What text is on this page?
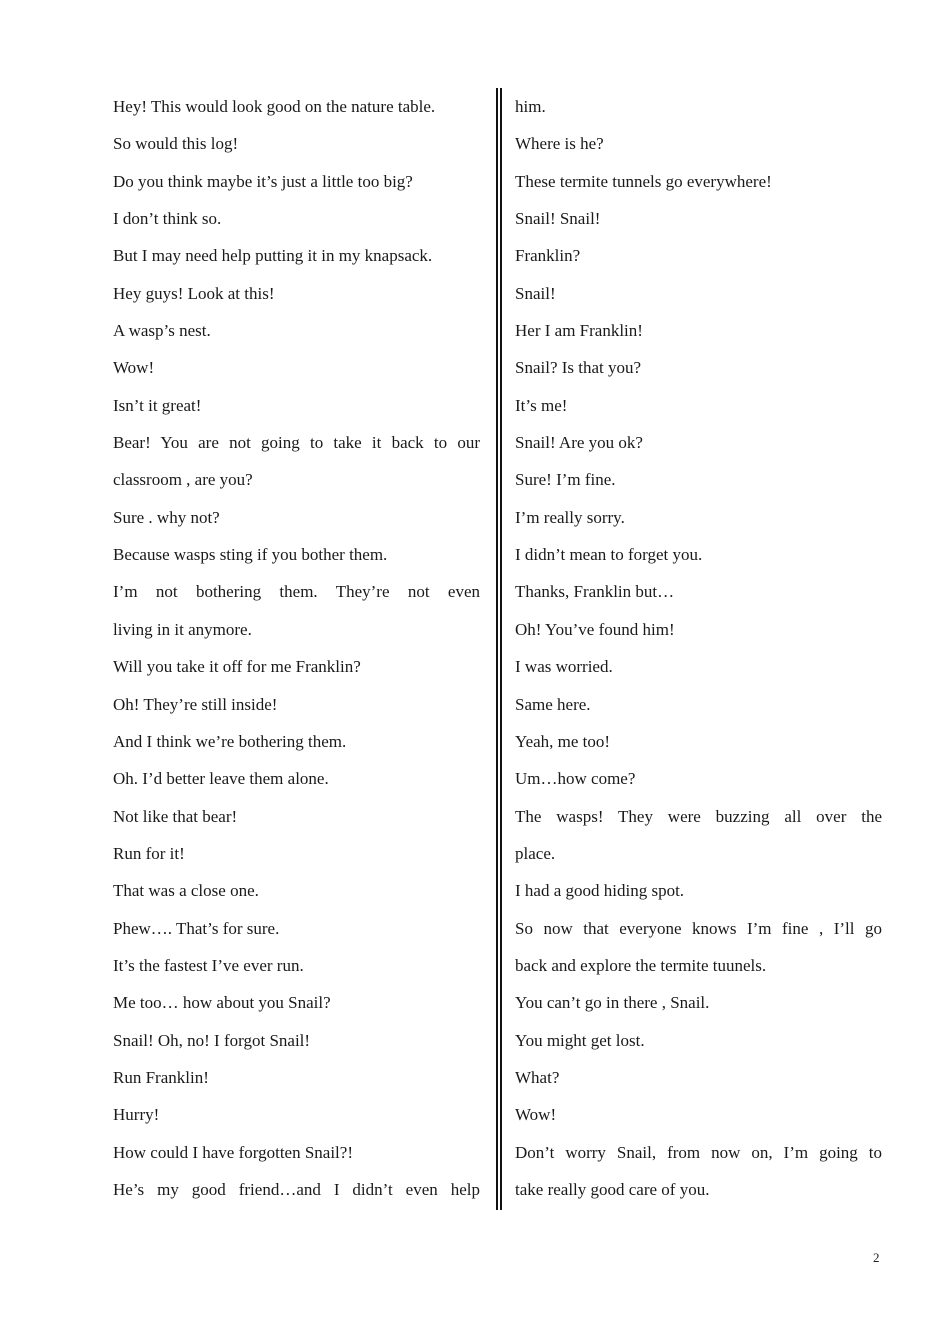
Hey! This would look good on the nature table.
So would this log!
Do you think maybe it’s just a little too big?
I don’t think so.
But I may need help putting it in my knapsack.
Hey guys! Look at this!
A wasp’s nest.
Wow!
Isn’t it great!
Bear! You are not going to take it back to our
classroom , are you?
Sure . why not?
Because wasps sting if you bother them.
I’m not bothering them. They’re not even
living in it anymore.
Will you take it off for me Franklin?
Oh! They’re still inside!
And I think we’re bothering them.
Oh. I’d better leave them alone.
Not like that bear!
Run for it!
That was a close one.
Phew…. That’s for sure.
It’s the fastest I’ve ever run.
Me too… how about you Snail?
Snail! Oh, no! I forgot Snail!
Run Franklin!
Hurry!
How could I have forgotten Snail?!
He’s my good friend…and I didn’t even help
him.
Where is he?
These termite tunnels go everywhere!
Snail! Snail!
Franklin?
Snail!
Her I am Franklin!
Snail? Is that you?
It’s me!
Snail! Are you ok?
Sure! I’m fine.
I’m really sorry.
I didn’t mean to forget you.
Thanks, Franklin but…
Oh! You’ve found him!
I was worried.
Same here.
Yeah, me too!
Um…how come?
The wasps! They were buzzing all over the
place.
I had a good hiding spot.
So now that everyone knows I’m fine , I’ll go
back and explore the termite tuunels.
You can’t go in there , Snail.
You might get lost.
What?
Wow!
Don’t worry Snail, from now on, I’m going to
take really good care of you.
2
